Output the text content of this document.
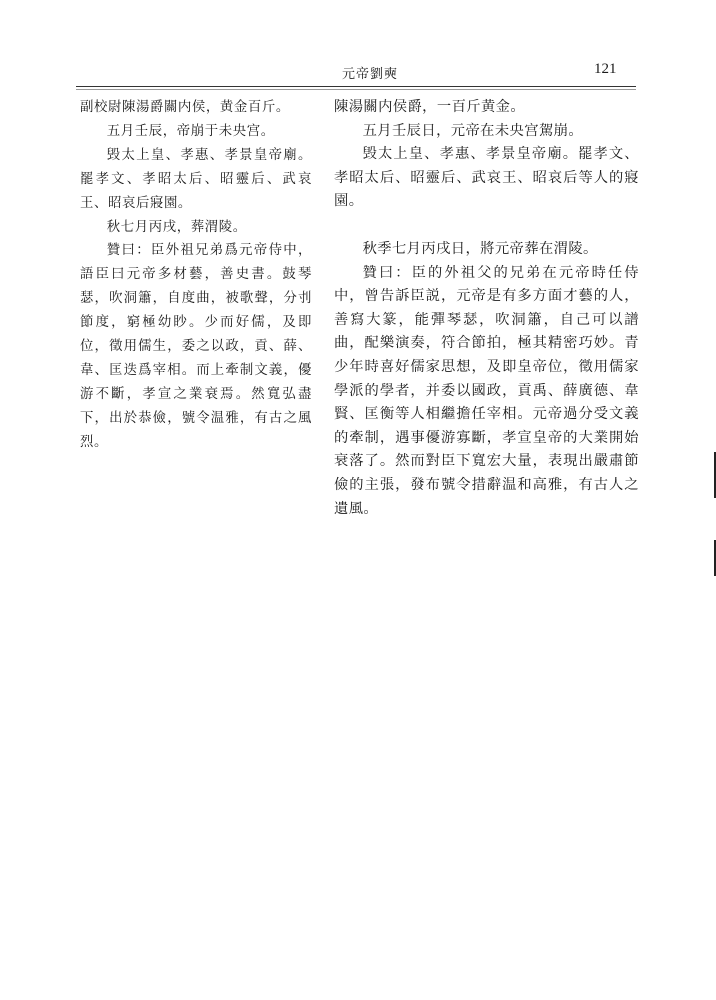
元帝劉奭	121

副校尉陳湯爵關内侯，黄金百斤。

五月壬辰，帝崩于未央宫。

毁太上皇、孝惠、孝景皇帝廟。罷孝文、孝昭太后、昭靈后、武哀王、昭哀后寢園。

秋七月丙戌，葬渭陵。

贊曰：臣外祖兄弟爲元帝侍中，語臣曰元帝多材藝，善史書。鼓琴瑟，吹洞簫，自度曲，被歌聲，分刌節度，窮極幼眇。少而好儒，及即位，徵用儒生，委之以政，貢、薛、韋、匡迭爲宰相。而上牽制文義，優游不斷，孝宣之業衰焉。然寬弘盡下，出於恭儉，號令温雅，有古之風烈。

陳湯關内侯爵，一百斤黄金。

五月壬辰日，元帝在未央宫駕崩。

毁太上皇、孝惠、孝景皇帝廟。罷孝文、孝昭太后、昭靈后、武哀王、昭哀后等人的寢園。

秋季七月丙戌日，將元帝葬在渭陵。

贊曰：臣的外祖父的兄弟在元帝時任侍中，曾告訴臣説，元帝是有多方面才藝的人，善寫大篆，能彈琴瑟，吹洞簫，自己可以譜曲，配樂演奏，符合節拍，極其精密巧妙。青少年時喜好儒家思想，及即皇帝位，徵用儒家學派的學者，并委以國政，貢禹、薛廣德、韋賢、匡衡等人相繼擔任宰相。元帝過分受文義的牽制，遇事優游寡斷，孝宣皇帝的大業開始衰落了。然而對臣下寬宏大量，表現出嚴肅節儉的主張，發布號令措辭温和高雅，有古人之遺風。
